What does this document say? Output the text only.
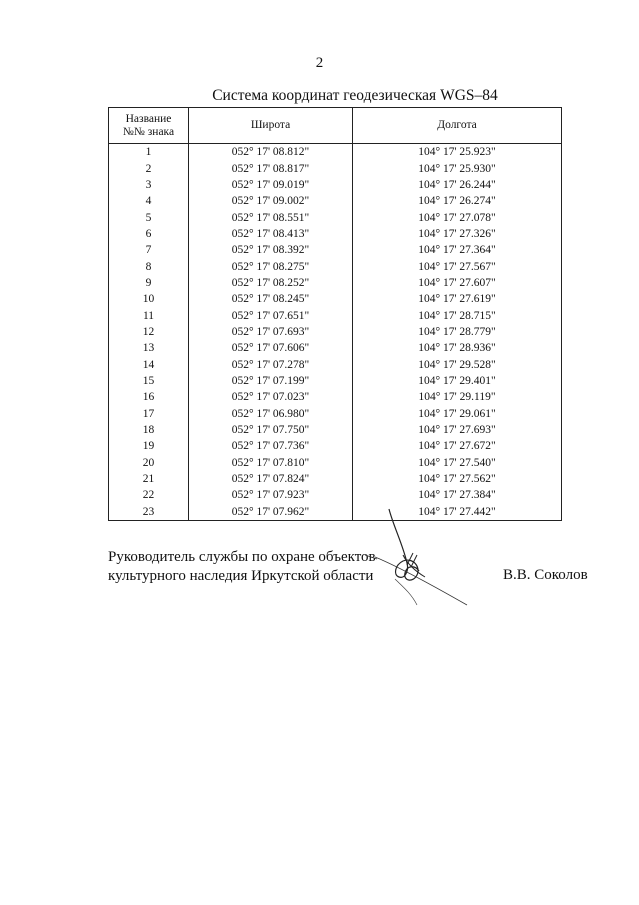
2
Система координат геодезическая WGS–84
Название
№№ знака	Широта	Долгота
1	052° 17' 08.812"	104° 17' 25.923"
2	052° 17' 08.817"	104° 17' 25.930"
3	052° 17' 09.019"	104° 17' 26.244"
4	052° 17' 09.002"	104° 17' 26.274"
5	052° 17' 08.551"	104° 17' 27.078"
6	052° 17' 08.413"	104° 17' 27.326"
7	052° 17' 08.392"	104° 17' 27.364"
8	052° 17' 08.275"	104° 17' 27.567"
9	052° 17' 08.252"	104° 17' 27.607"
10	052° 17' 08.245"	104° 17' 27.619"
11	052° 17' 07.651"	104° 17' 28.715"
12	052° 17' 07.693"	104° 17' 28.779"
13	052° 17' 07.606"	104° 17' 28.936"
14	052° 17' 07.278"	104° 17' 29.528"
15	052° 17' 07.199"	104° 17' 29.401"
16	052° 17' 07.023"	104° 17' 29.119"
17	052° 17' 06.980"	104° 17' 29.061"
18	052° 17' 07.750"	104° 17' 27.693"
19	052° 17' 07.736"	104° 17' 27.672"
20	052° 17' 07.810"	104° 17' 27.540"
21	052° 17' 07.824"	104° 17' 27.562"
22	052° 17' 07.923"	104° 17' 27.384"
23	052° 17' 07.962"	104° 17' 27.442"
Руководитель службы по охране объектов
культурного наследия Иркутской области	В.В. Соколов
